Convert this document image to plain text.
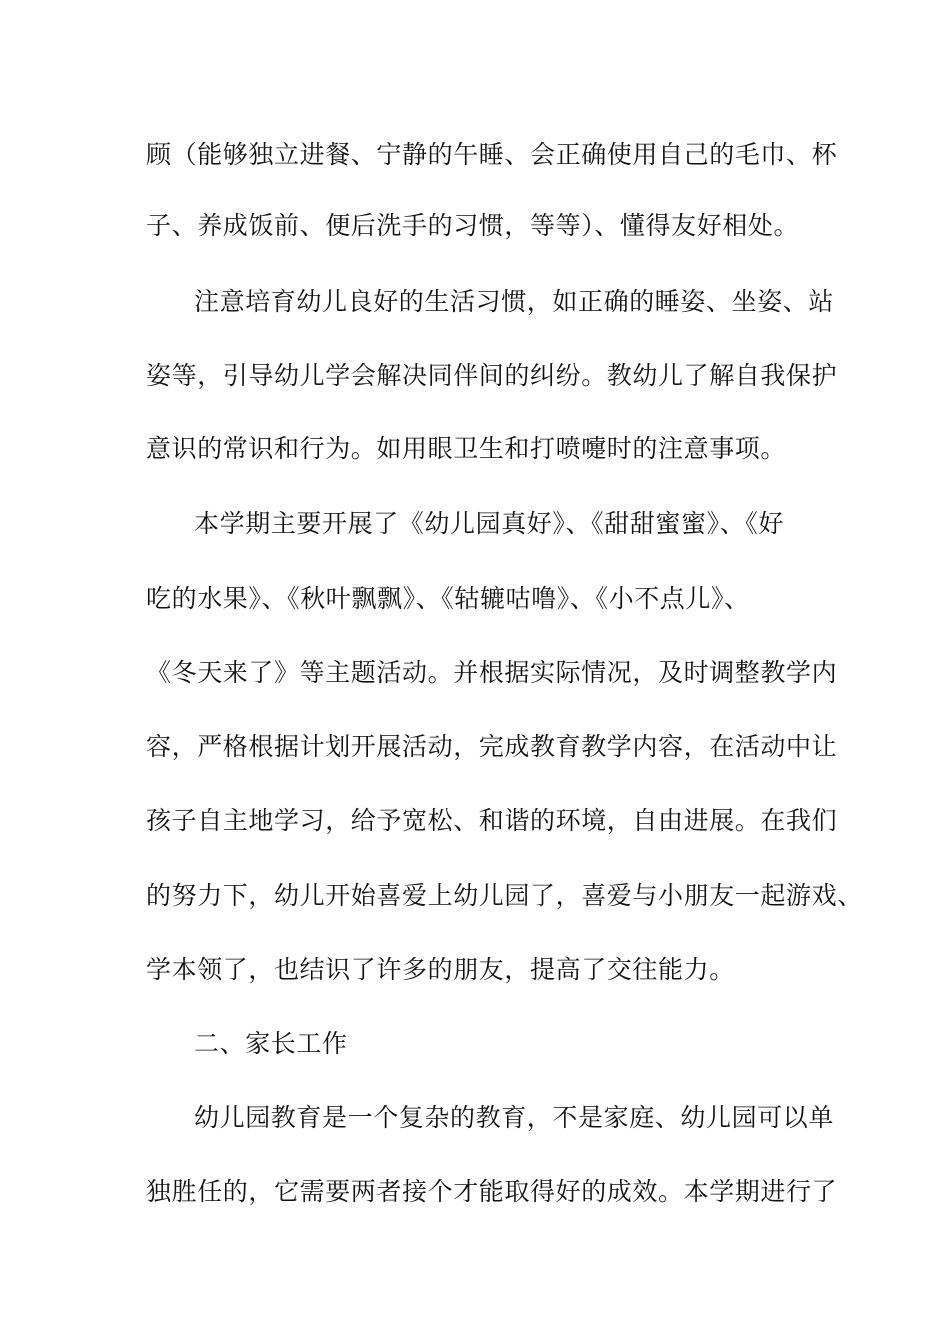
顾（能够独立进餐、宁静的午睡、会正确使用自己的毛巾、杯
子、养成饭前、便后洗手的习惯，等等）、懂得友好相处。
注意培育幼儿良好的生活习惯，如正确的睡姿、坐姿、站
姿等，引导幼儿学会解决同伴间的纠纷。教幼儿了解自我保护
意识的常识和行为。如用眼卫生和打喷嚏时的注意事项。
本学期主要开展了《幼儿园真好》、《甜甜蜜蜜》、《好
吃的水果》、《秋叶飘飘》、《轱辘咕噜》、《小不点儿》、
《冬天来了》等主题活动。并根据实际情况，及时调整教学内
容，严格根据计划开展活动，完成教育教学内容，在活动中让
孩子自主地学习，给予宽松、和谐的环境，自由进展。在我们
的努力下，幼儿开始喜爱上幼儿园了，喜爱与小朋友一起游戏、
学本领了，也结识了许多的朋友，提高了交往能力。
二、家长工作
幼儿园教育是一个复杂的教育，不是家庭、幼儿园可以单
独胜任的，它需要两者接个才能取得好的成效。本学期进行了
